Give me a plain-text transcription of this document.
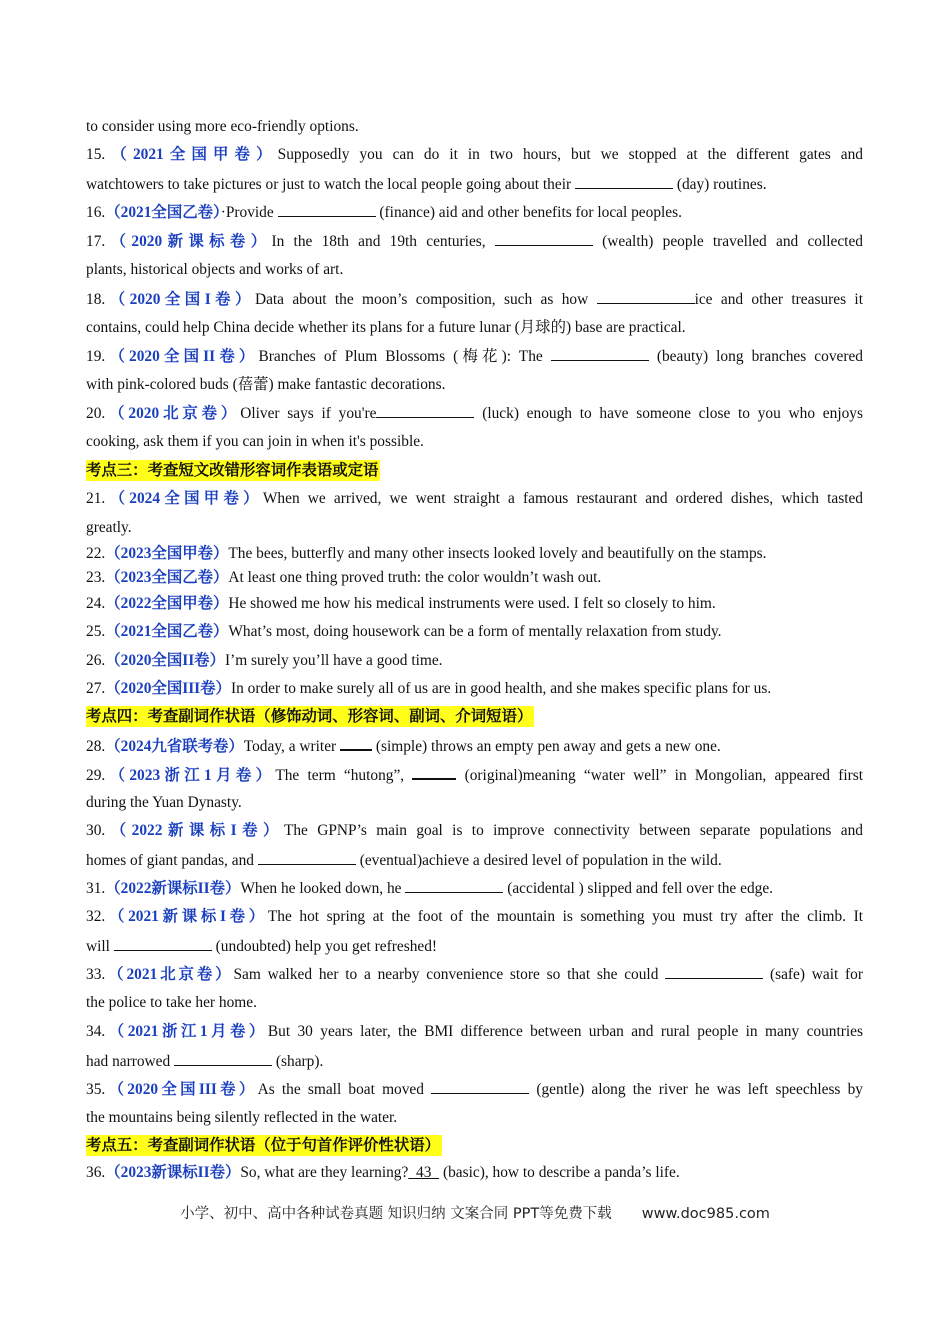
to consider using more eco-friendly options.
15.（2021全国甲卷）Supposedly you can do it in two hours, but we stopped at the different gates and
watchtowers to take pictures or just to watch the local people going about their	(day) routines.
16.（2021全国乙卷）·Provide	(finance) aid and other benefits for local peoples.
17.（2020新课标卷）In the 18th and 19th centuries,	(wealth) people travelled and collected
plants, historical objects and works of art.
18.（2020全国I卷）Data about the moon’s composition, such as how	ice and other treasures it
contains, could help China decide whether its plans for a future lunar (月球的) base are practical.
19.（2020全国II卷）Branches of Plum Blossoms (梅花): The	(beauty) long branches covered
with pink-colored buds (蓓蕾) make fantastic decorations.
20.（2020北京卷）Oliver says if you're	(luck) enough to have someone close to you who enjoys
cooking, ask them if you can join in when it's possible.
考点三：考查短文改错形容词作表语或定语
21.（2024全国甲卷）When we arrived, we went straight a famous restaurant and ordered dishes, which tasted
greatly.
22.（2023全国甲卷）The bees, butterfly and many other insects looked lovely and beautifully on the stamps.
23.（2023全国乙卷）At least one thing proved truth: the color wouldn’t wash out.
24.（2022全国甲卷）He showed me how his medical instruments were used. I felt so closely to him.
25.（2021全国乙卷）What’s most, doing housework can be a form of mentally relaxation from study.
26.（2020全国II卷）I’m surely you’ll have a good time.
27.（2020全国III卷）In order to make surely all of us are in good health, and she makes specific plans for us.
考点四：考查副词作状语（修饰动词、形容词、副词、介词短语）
28.（2024九省联考卷）Today, a writer	(simple) throws an empty pen away and gets a new one.
29.（2023浙江1月卷）The term “hutong”,	(original)meaning “water well” in Mongolian, appeared first
during the Yuan Dynasty.
30.（2022新课标I卷）The GPNP’s main goal is to improve connectivity between separate populations and
homes of giant pandas, and	(eventual)achieve a desired level of population in the wild.
31.（2022新课标II卷）When he looked down, he	(accidental ) slipped and fell over the edge.
32.（2021新课标I卷）The hot spring at the foot of the mountain is something you must try after the climb. It
will	(undoubted) help you get refreshed!
33.（2021北京卷）Sam walked her to a nearby convenience store so that she could	(safe) wait for
the police to take her home.
34.（2021浙江1月卷）But 30 years later, the BMI difference between urban and rural people in many countries
had narrowed	(sharp).
35.（2020全国III卷）As the small boat moved	(gentle) along the river he was left speechless by
the mountains being silently reflected in the water.
考点五：考查副词作状语（位于句首作评价性状语）
36.（2023新课标II卷）So, what are they learning? 43 (basic), how to describe a panda’s life.
小学、初中、高中各种试卷真题 知识归纳 文案合同 PPT等免费下载 www.doc985.com
